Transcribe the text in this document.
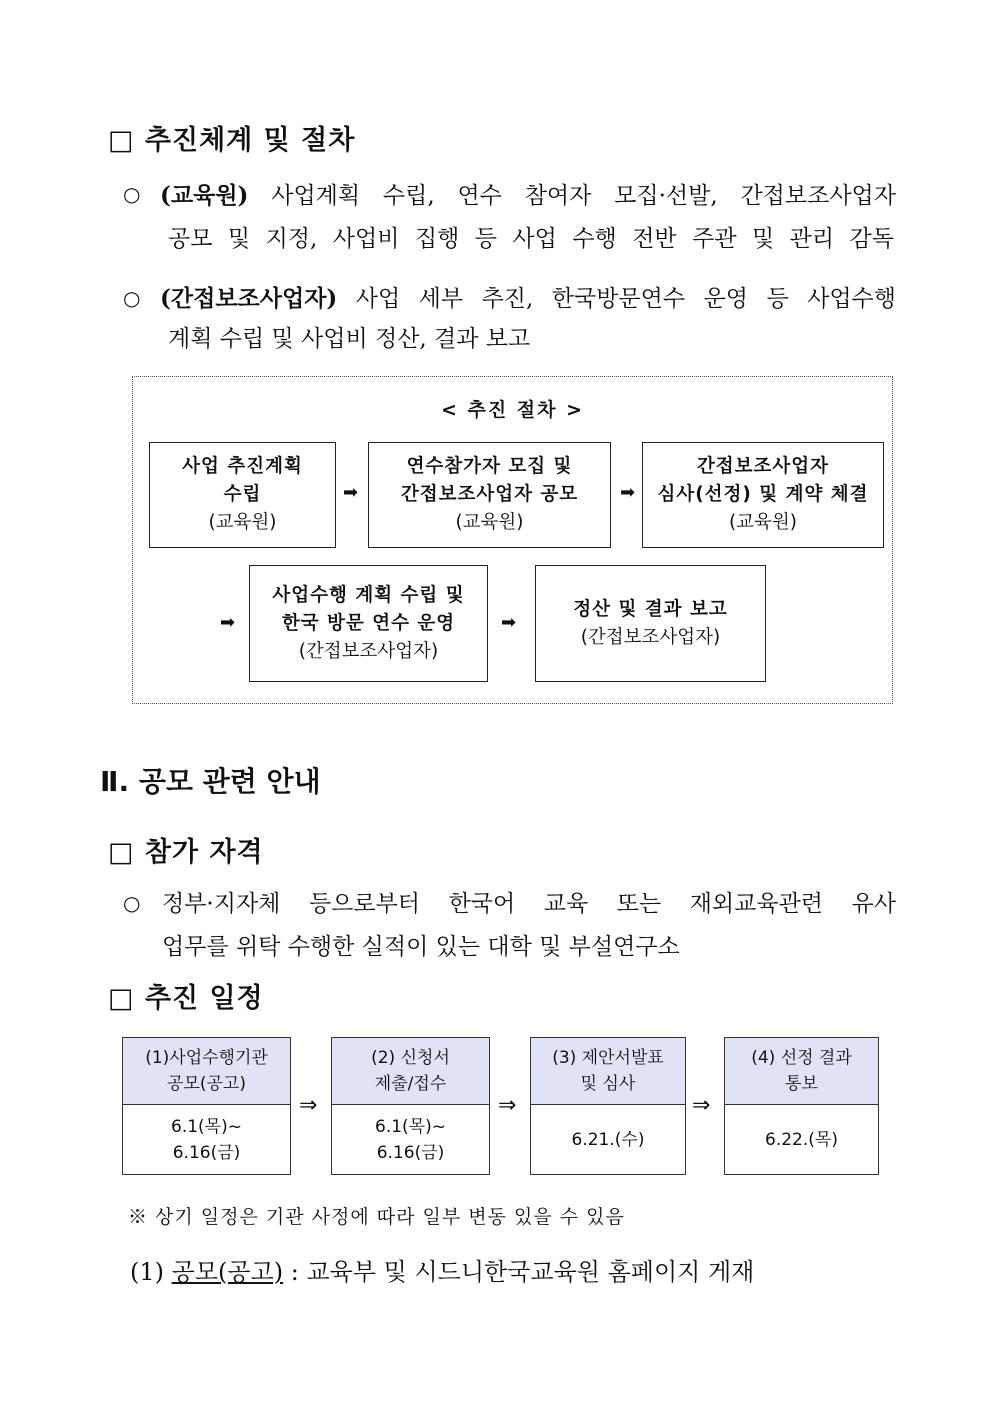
□ 추진체계 및 절차
○ (교육원) 사업계획 수립, 연수 참여자 모집·선발, 간접보조사업자
공모 및 지정, 사업비 집행 등 사업 수행 전반 주관 및 관리 감독
○ (간접보조사업자) 사업 세부 추진, 한국방문연수 운영 등 사업수행
계획 수립 및 사업비 정산, 결과 보고
< 추진 절차 >
사업 추진계획
수립
(교육원)
➡
연수참가자 모집 및
간접보조사업자 공모
(교육원)
➡
간접보조사업자
심사(선정) 및 계약 체결
(교육원)
➡
사업수행 계획 수립 및
한국 방문 연수 운영
(간접보조사업자)
➡
정산 및 결과 보고
(간접보조사업자)
Ⅱ. 공모 관련 안내
□ 참가 자격
○ 정부·지자체 등으로부터 한국어 교육 또는 재외교육관련 유사
업무를 위탁 수행한 실적이 있는 대학 및 부설연구소
□ 추진 일정
(1)사업수행기관
공모(공고)
6.1(목)~
6.16(금)
⇒
(2) 신청서
제출/접수
6.1(목)~
6.16(금)
⇒
(3) 제안서발표
및 심사
6.21.(수)
⇒
(4) 선정 결과
통보
6.22.(목)
※ 상기 일정은 기관 사정에 따라 일부 변동 있을 수 있음
(1) 공모(공고) : 교육부 및 시드니한국교육원 홈페이지 게재
